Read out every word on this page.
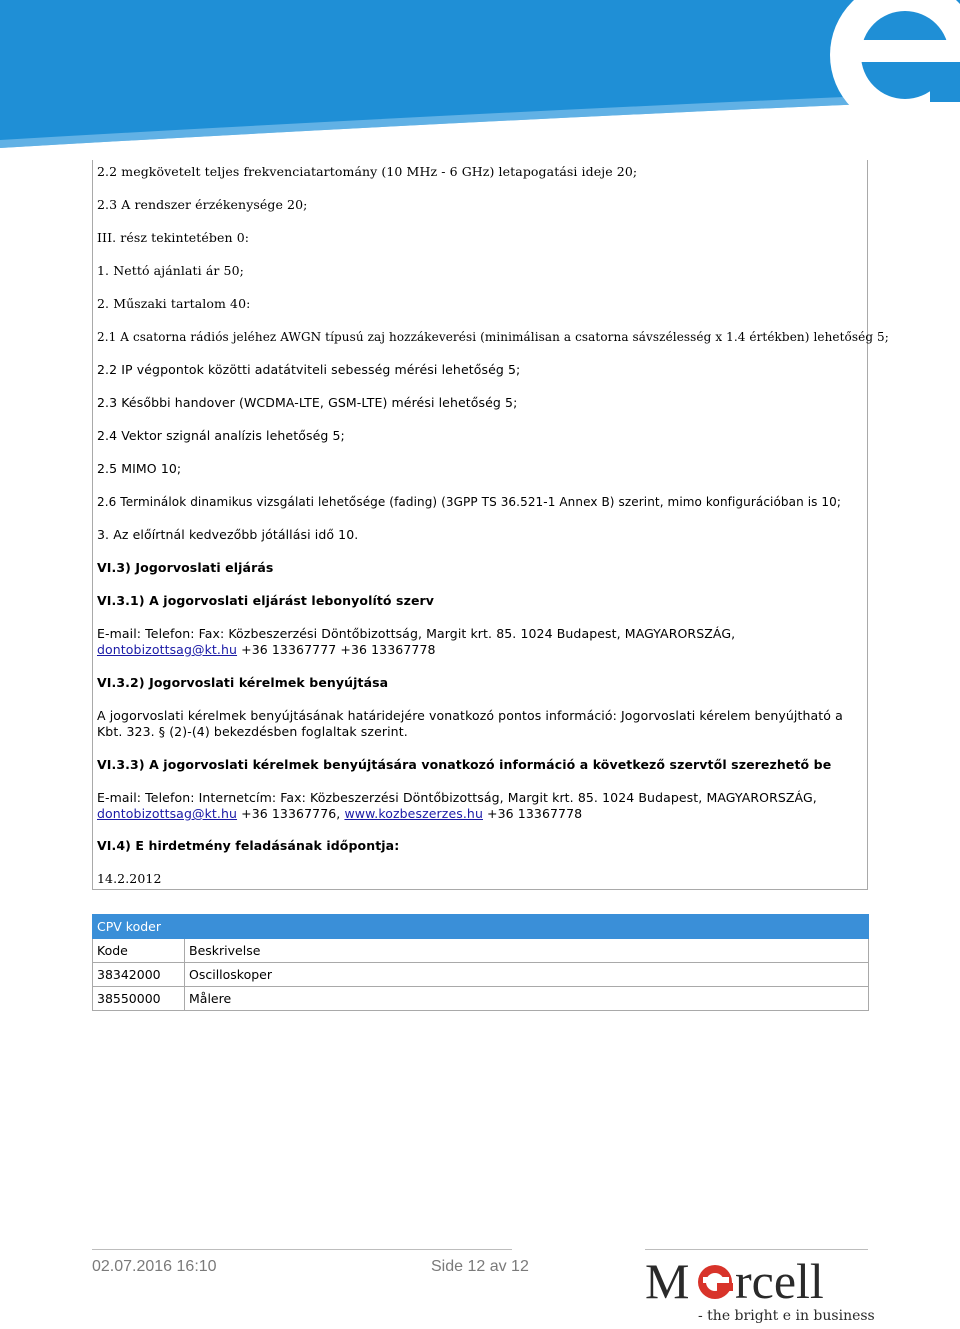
2.2 megkövetelt teljes frekvenciatartomány (10 MHz - 6 GHz) letapogatási ideje 20;
2.3 A rendszer érzékenysége 20;
III. rész tekintetében 0:
1. Nettó ajánlati ár 50;
2. Műszaki tartalom 40:
2.1 A csatorna rádiós jeléhez AWGN típusú zaj hozzákeverési (minimálisan a csatorna sávszélesség x 1.4 értékben) lehetőség 5;
2.2 IP végpontok közötti adatátviteli sebesség mérési lehetőség 5;
2.3 Későbbi handover (WCDMA-LTE, GSM-LTE) mérési lehetőség 5;
2.4 Vektor szignál analízis lehetőség 5;
2.5 MIMO 10;
2.6 Terminálok dinamikus vizsgálati lehetősége (fading) (3GPP TS 36.521-1 Annex B) szerint, mimo konfigurációban is 10;
3. Az előírtnál kedvezőbb jótállási idő 10.
VI.3) Jogorvoslati eljárás
VI.3.1) A jogorvoslati eljárást lebonyolító szerv
E-mail: Telefon: Fax: Közbeszerzési Döntőbizottság, Margit krt. 85. 1024 Budapest, MAGYARORSZÁG, dontobizottsag@kt.hu +36 13367777 +36 13367778
VI.3.2) Jogorvoslati kérelmek benyújtása
A jogorvoslati kérelmek benyújtásának határidejére vonatkozó pontos információ: Jogorvoslati kérelem benyújtható a Kbt. 323. § (2)-(4) bekezdésben foglaltak szerint.
VI.3.3) A jogorvoslati kérelmek benyújtására vonatkozó információ a következő szervtől szerezhető be
E-mail: Telefon: Internetcím: Fax: Közbeszerzési Döntőbizottság, Margit krt. 85. 1024 Budapest, MAGYARORSZÁG, dontobizottsag@kt.hu +36 13367776, www.kozbeszerzes.hu +36 13367778
VI.4) E hirdetmény feladásának időpontja:
14.2.2012
CPV koder	
Kode	Beskrivelse
38342000	Oscilloskoper
38550000	Målere
02.07.2016 16:10	Side 12 av 12 M rcell
- the bright e in business
